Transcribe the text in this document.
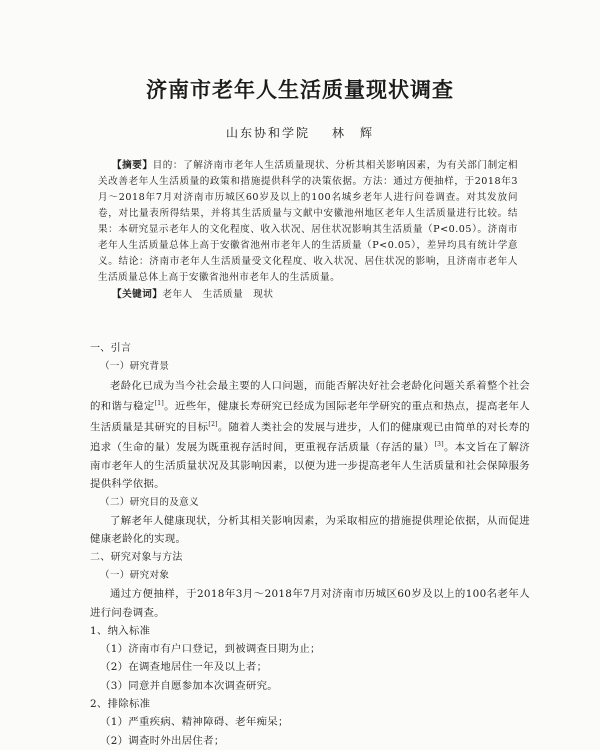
济南市老年人生活质量现状调查
山东协和学院 林　辉

【摘要】目的：了解济南市老年人生活质量现状、分析其相关影响因素，为有关部门制定相关改善老年人生活质量的政策和措施提供科学的决策依据。方法：通过方便抽样，于2018年3月～2018年7月对济南市历城区60岁及以上的100名城乡老年人进行问卷调查。对其发放问卷，对比量表所得结果，并将其生活质量与文献中安徽池州地区老年人生活质量进行比较。结果：本研究显示老年人的文化程度、收入状况、居住状况影响其生活质量（P<0.05）。济南市老年人生活质量总体上高于安徽省池州市老年人的生活质量（P<0.05），差异均具有统计学意义。结论：济南市老年人生活质量受文化程度、收入状况、居住状况的影响，且济南市老年人生活质量总体上高于安徽省池州市老年人的生活质量。

【关键词】老年人　生活质量　现状

一、引言

（一）研究背景

老龄化已成为当今社会最主要的人口问题，而能否解决好社会老龄化问题关系着整个社会的和谐与稳定[1]。近些年，健康长寿研究已经成为国际老年学研究的重点和热点，提高老年人生活质量是其研究的目标[2]。随着人类社会的发展与进步，人们的健康观已由简单的对长寿的追求（生命的量）发展为既重视存活时间，更重视存活质量（存活的量）[3]。本文旨在了解济南市老年人的生活质量状况及其影响因素，以便为进一步提高老年人生活质量和社会保障服务提供科学依据。

（二）研究目的及意义

了解老年人健康现状，分析其相关影响因素，为采取相应的措施提供理论依据，从而促进健康老龄化的实现。

二、研究对象与方法

（一）研究对象

通过方便抽样，于2018年3月～2018年7月对济南市历城区60岁及以上的100名老年人进行问卷调查。

1、纳入标准

（1）济南市有户口登记，到被调查日期为止；

（2）在调查地居住一年及以上者；

（3）同意并自愿参加本次调查研究。

2、排除标准

（1）严重疾病、精神障碍、老年痴呆；

（2）调查时外出居住者；
